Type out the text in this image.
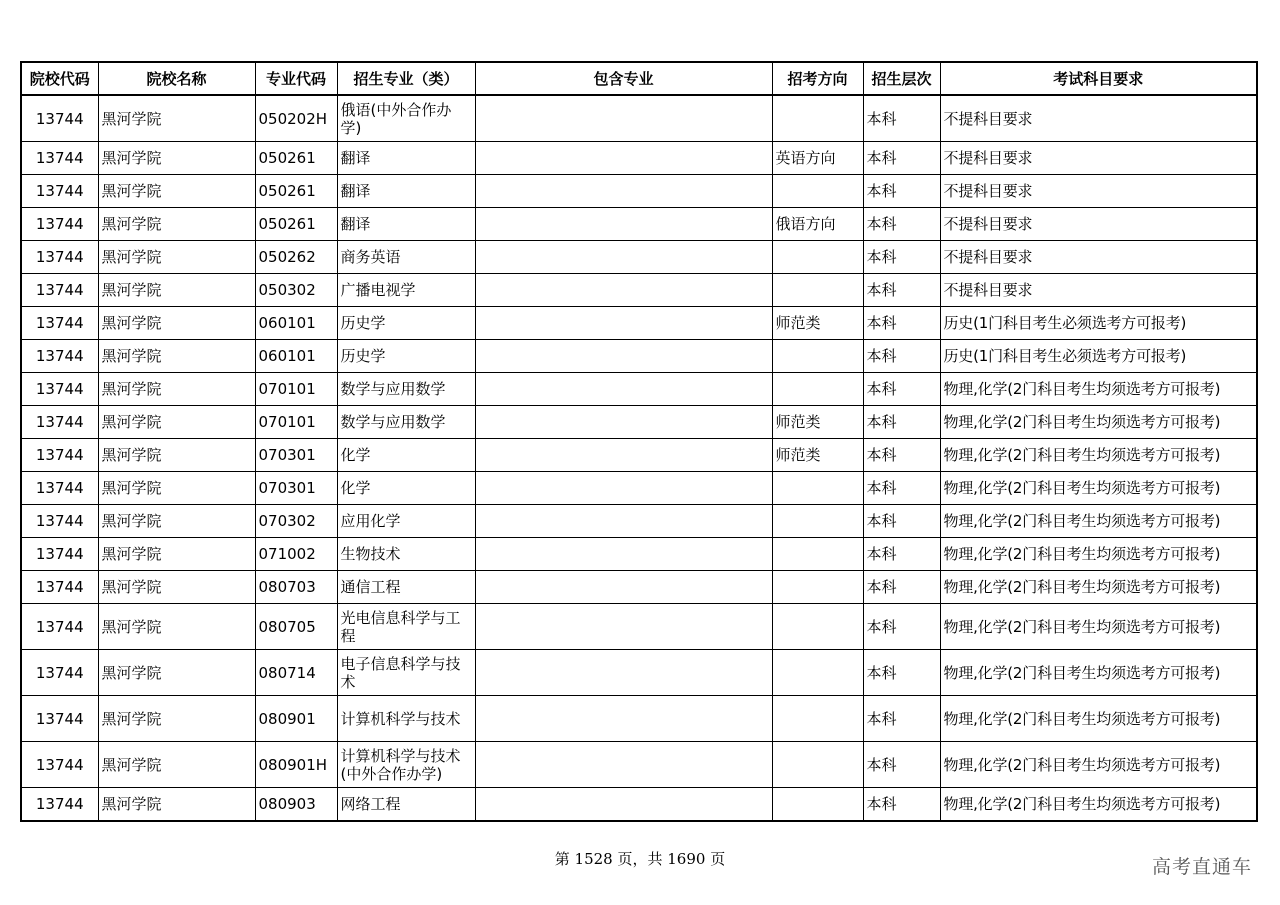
院校代码	院校名称	专业代码	招生专业（类）	包含专业	招考方向	招生层次	考试科目要求
13744	黑河学院	050202H	俄语(中外合作办学)			本科	不提科目要求
13744	黑河学院	050261	翻译		英语方向	本科	不提科目要求
13744	黑河学院	050261	翻译			本科	不提科目要求
13744	黑河学院	050261	翻译		俄语方向	本科	不提科目要求
13744	黑河学院	050262	商务英语			本科	不提科目要求
13744	黑河学院	050302	广播电视学			本科	不提科目要求
13744	黑河学院	060101	历史学		师范类	本科	历史(1门科目考生必须选考方可报考)
13744	黑河学院	060101	历史学			本科	历史(1门科目考生必须选考方可报考)
13744	黑河学院	070101	数学与应用数学			本科	物理,化学(2门科目考生均须选考方可报考)
13744	黑河学院	070101	数学与应用数学		师范类	本科	物理,化学(2门科目考生均须选考方可报考)
13744	黑河学院	070301	化学		师范类	本科	物理,化学(2门科目考生均须选考方可报考)
13744	黑河学院	070301	化学			本科	物理,化学(2门科目考生均须选考方可报考)
13744	黑河学院	070302	应用化学			本科	物理,化学(2门科目考生均须选考方可报考)
13744	黑河学院	071002	生物技术			本科	物理,化学(2门科目考生均须选考方可报考)
13744	黑河学院	080703	通信工程			本科	物理,化学(2门科目考生均须选考方可报考)
13744	黑河学院	080705	光电信息科学与工程			本科	物理,化学(2门科目考生均须选考方可报考)
13744	黑河学院	080714	电子信息科学与技术			本科	物理,化学(2门科目考生均须选考方可报考)
13744	黑河学院	080901	计算机科学与技术			本科	物理,化学(2门科目考生均须选考方可报考)
13744	黑河学院	080901H	计算机科学与技术(中外合作办学)			本科	物理,化学(2门科目考生均须选考方可报考)
13744	黑河学院	080903	网络工程			本科	物理,化学(2门科目考生均须选考方可报考)
第 1528 页，共 1690 页	高考直通车
